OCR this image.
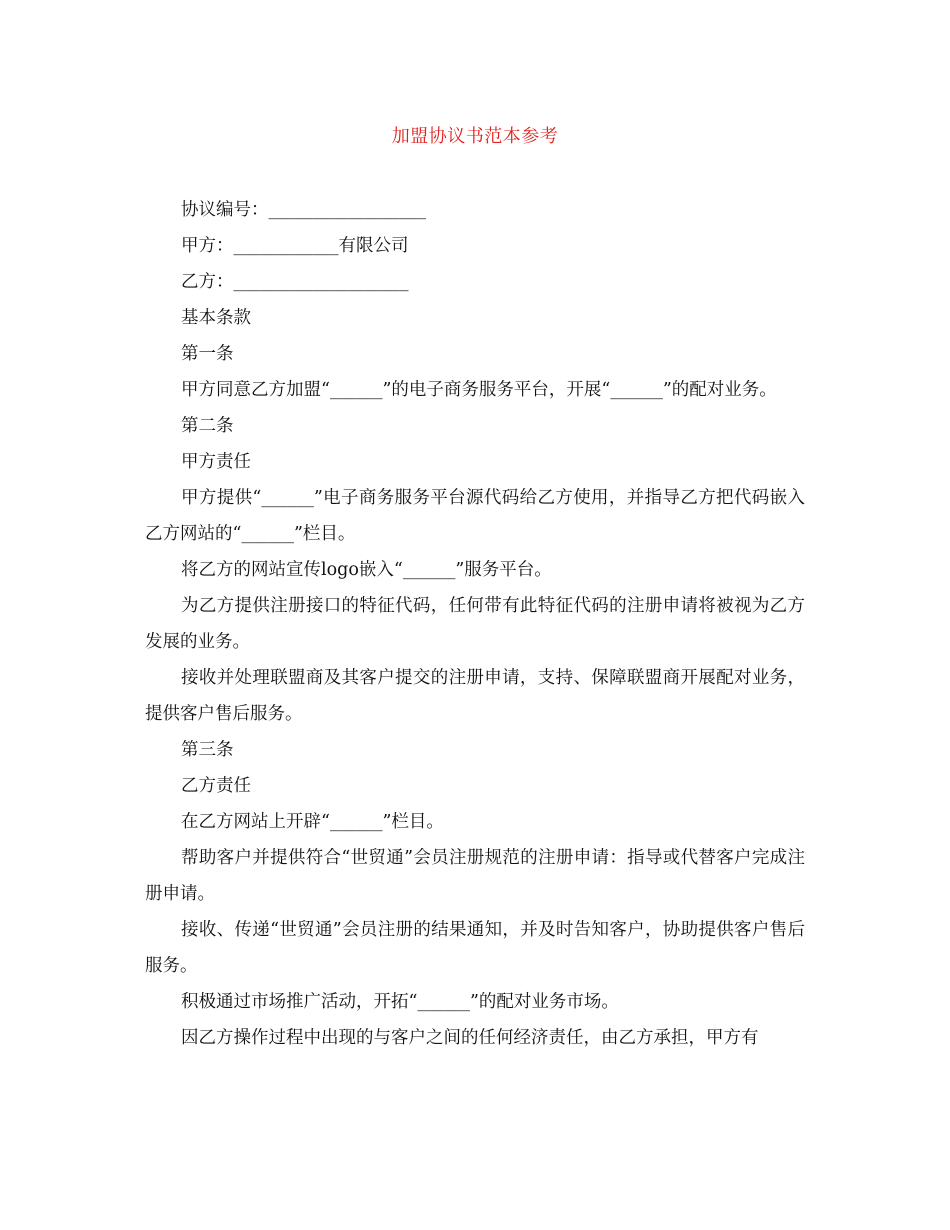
加盟协议书范本参考

协议编号：__________________

甲方：____________有限公司

乙方：____________________

基本条款

第一条

甲方同意乙方加盟“______”的电子商务服务平台，开展“______”的配对业务。

第二条

甲方责任

甲方提供“______”电子商务服务平台源代码给乙方使用，并指导乙方把代码嵌入乙方网站的“______”栏目。

将乙方的网站宣传logo嵌入“______”服务平台。

为乙方提供注册接口的特征代码，任何带有此特征代码的注册申请将被视为乙方发展的业务。

接收并处理联盟商及其客户提交的注册申请，支持、保障联盟商开展配对业务，提供客户售后服务。

第三条

乙方责任

在乙方网站上开辟“______”栏目。

帮助客户并提供符合“世贸通”会员注册规范的注册申请：指导或代替客户完成注册申请。

接收、传递“世贸通”会员注册的结果通知，并及时告知客户，协助提供客户售后服务。

积极通过市场推广活动，开拓“______”的配对业务市场。

因乙方操作过程中出现的与客户之间的任何经济责任，由乙方承担，甲方有
